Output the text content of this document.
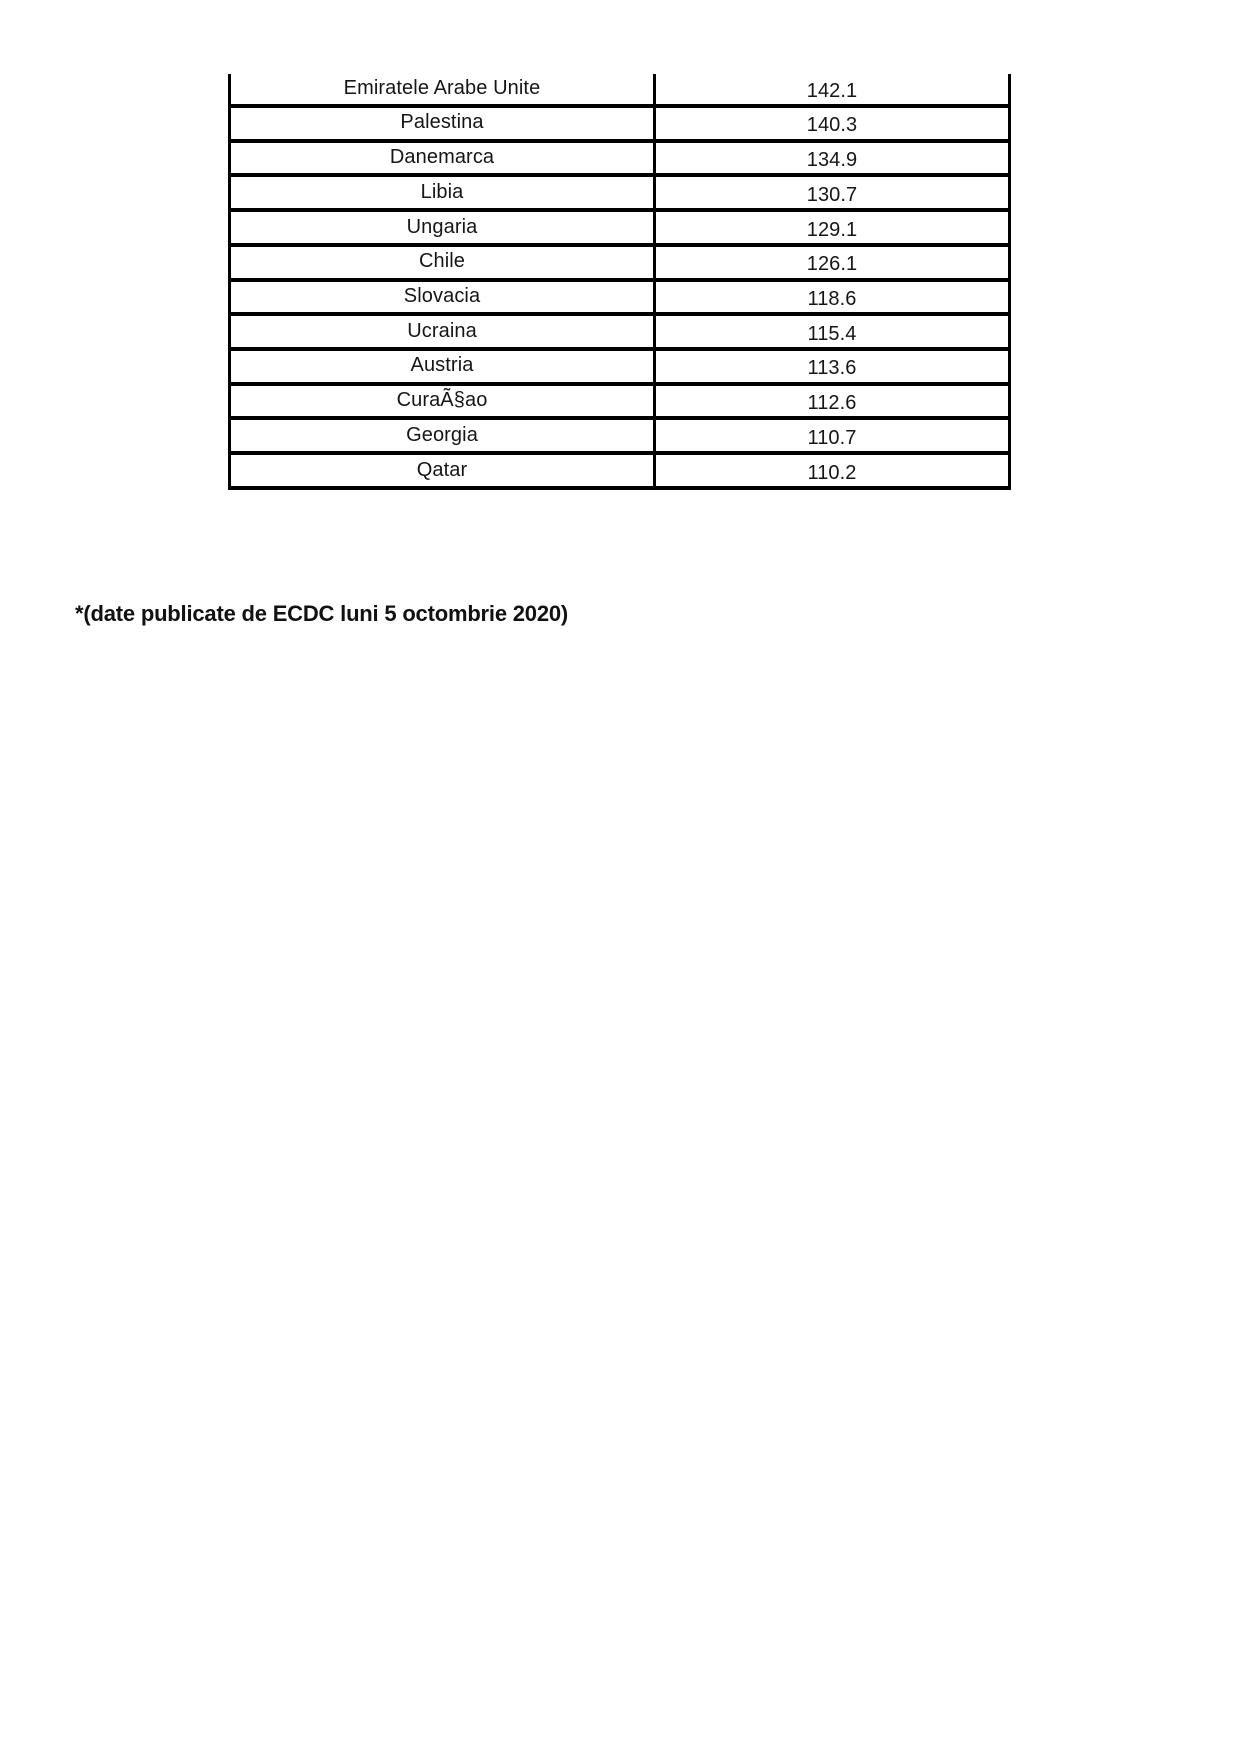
Emiratele Arabe Unite	142.1
Palestina	140.3
Danemarca	134.9
Libia	130.7
Ungaria	129.1
Chile	126.1
Slovacia	118.6
Ucraina	115.4
Austria	113.6
CuraÃ§ao	112.6
Georgia	110.7
Qatar	110.2
*(date publicate de ECDC luni 5 octombrie 2020)
